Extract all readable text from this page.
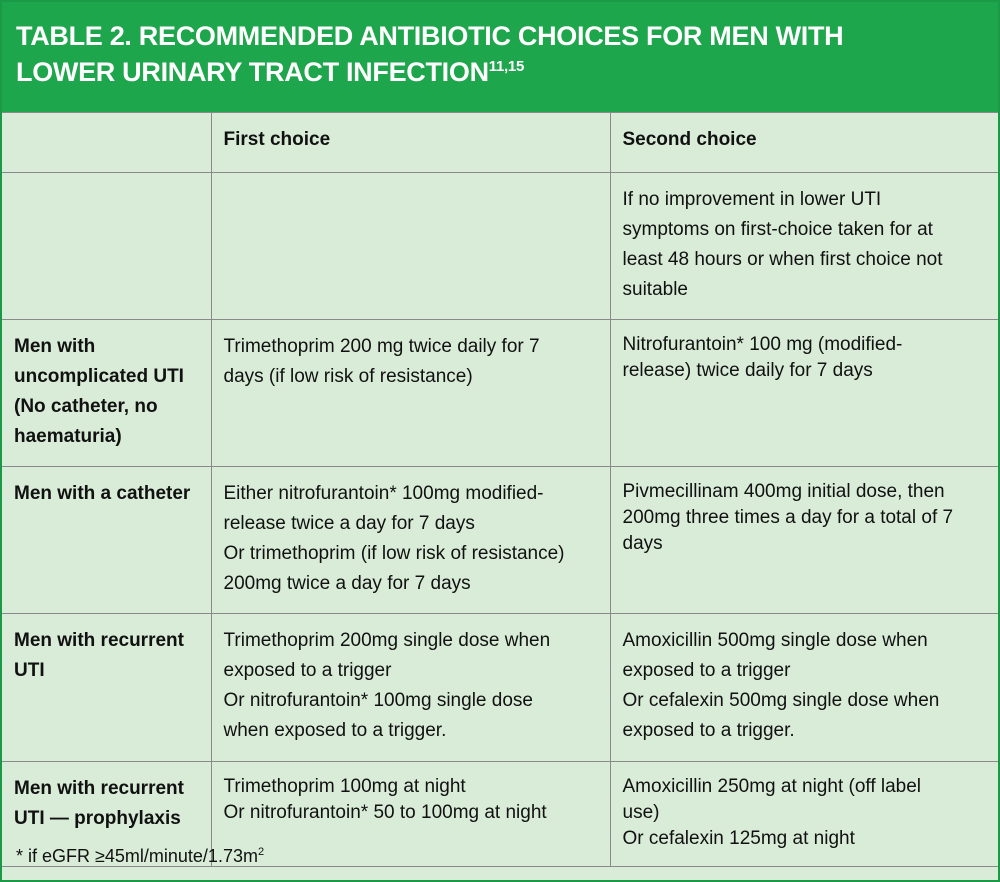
TABLE 2. RECOMMENDED ANTIBIOTIC CHOICES FOR MEN WITH
LOWER URINARY TRACT INFECTION$^{11,15}$

	First choice	Second choice

		If no improvement in lower UTI
symptoms on first-choice taken for at
least 48 hours or when first choice not
suitable

Men with
uncomplicated UTI
(No catheter, no
haematuria)	Trimethoprim 200 mg twice daily for 7
days (if low risk of resistance)	Nitrofurantoin* 100 mg (modified-
release) twice daily for 7 days

Men with a catheter	Either nitrofurantoin* 100mg modified-
release twice a day for 7 days
Or trimethoprim (if low risk of resistance)
200mg twice a day for 7 days	Pivmecillinam 400mg initial dose, then
200mg three times a day for a total of 7
days

Men with recurrent
UTI	Trimethoprim 200mg single dose when
exposed to a trigger
Or nitrofurantoin* 100mg single dose
when exposed to a trigger.	Amoxicillin 500mg single dose when
exposed to a trigger
Or cefalexin 500mg single dose when
exposed to a trigger.

Men with recurrent
UTI — prophylaxis	Trimethoprim 100mg at night
Or nitrofurantoin* 50 to 100mg at night	Amoxicillin 250mg at night (off label
use)
Or cefalexin 125mg at night
* if eGFR $\ge 45ml/minute/1.73m^2$
